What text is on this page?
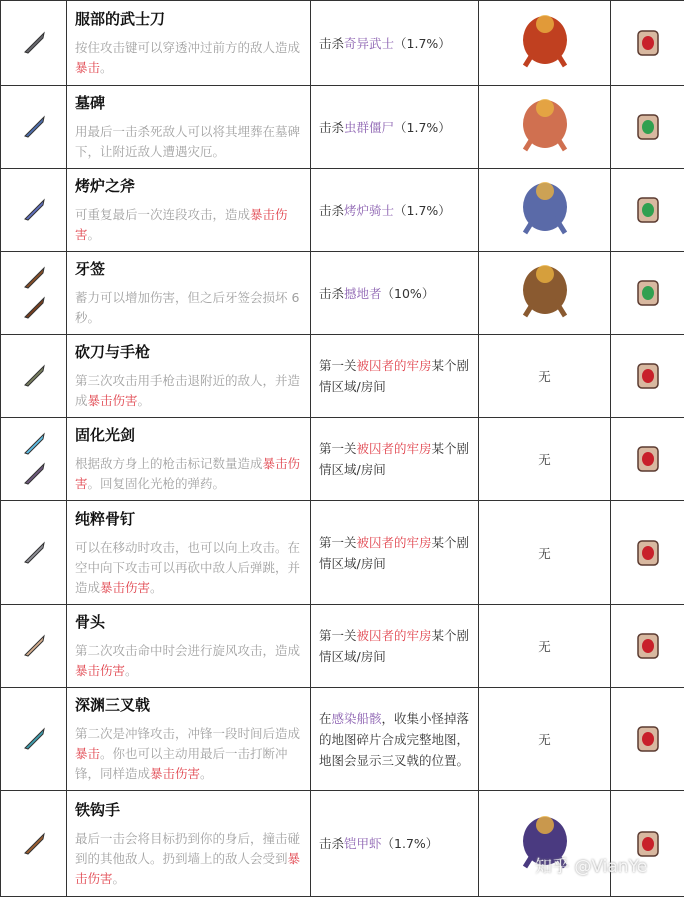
服部的武士刀
按住攻击键可以穿透冲过前方的敌人造成暴击。	击杀奇异武士（1.7%）

墓碑
用最后一击杀死敌人可以将其埋葬在墓碑下，让附近敌人遭遇灾厄。	击杀虫群僵尸（1.7%）

烤炉之斧
可重复最后一次连段攻击，造成暴击伤害。	击杀烤炉骑士（1.7%）

牙签
蓄力可以增加伤害，但之后牙签会损坏 6 秒。	击杀撼地者（10%）

砍刀与手枪
第三次攻击用手枪击退附近的敌人，并造成暴击伤害。	第一关被囚者的牢房某个剧情区域/房间	无	

固化光剑
根据敌方身上的枪击标记数量造成暴击伤害。回复固化光枪的弹药。	第一关被囚者的牢房某个剧情区域/房间	无	

纯粹骨钉
可以在移动时攻击，也可以向上攻击。在空中向下攻击可以再砍中敌人后弹跳，并造成暴击伤害。	第一关被囚者的牢房某个剧情区域/房间	无	

骨头
第二次攻击命中时会进行旋风攻击，造成暴击伤害。	第一关被囚者的牢房某个剧情区域/房间	无	

深渊三叉戟
第二次是冲锋攻击，冲锋一段时间后造成暴击。你也可以主动用最后一击打断冲锋，同样造成暴击伤害。	在感染船骸，收集小怪掉落的地图碎片合成完整地图，地图会显示三叉戟的位置。	无	

铁钩手
最后一击会将目标扔到你的身后，撞击碰到的其他敌人。扔到墙上的敌人会受到暴击伤害。	击杀铠甲虾（1.7%）

知乎 @VianYe
